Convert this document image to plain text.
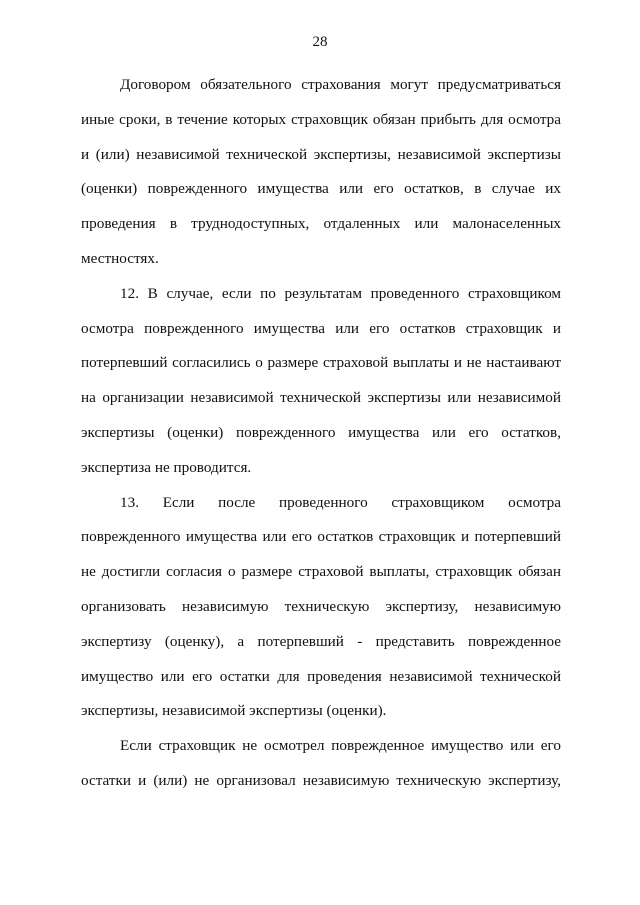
28

Договором обязательного страхования могут предусматриваться иные сроки, в течение которых страховщик обязан прибыть для осмотра и (или) независимой технической экспертизы, независимой экспертизы (оценки) поврежденного имущества или его остатков, в случае их проведения в труднодоступных, отдаленных или малонаселенных местностях.

12. В случае, если по результатам проведенного страховщиком осмотра поврежденного имущества или его остатков страховщик и потерпевший согласились о размере страховой выплаты и не настаивают на организации независимой технической экспертизы или независимой экспертизы (оценки) поврежденного имущества или его остатков, экспертиза не проводится.

13. Если после проведенного страховщиком осмотра поврежденного имущества или его остатков страховщик и потерпевший не достигли согласия о размере страховой выплаты, страховщик обязан организовать независимую техническую экспертизу, независимую экспертизу (оценку), а потерпевший - представить поврежденное имущество или его остатки для проведения независимой технической экспертизы, независимой экспертизы (оценки).

Если страховщик не осмотрел поврежденное имущество или его остатки и (или) не организовал независимую техническую экспертизу,
